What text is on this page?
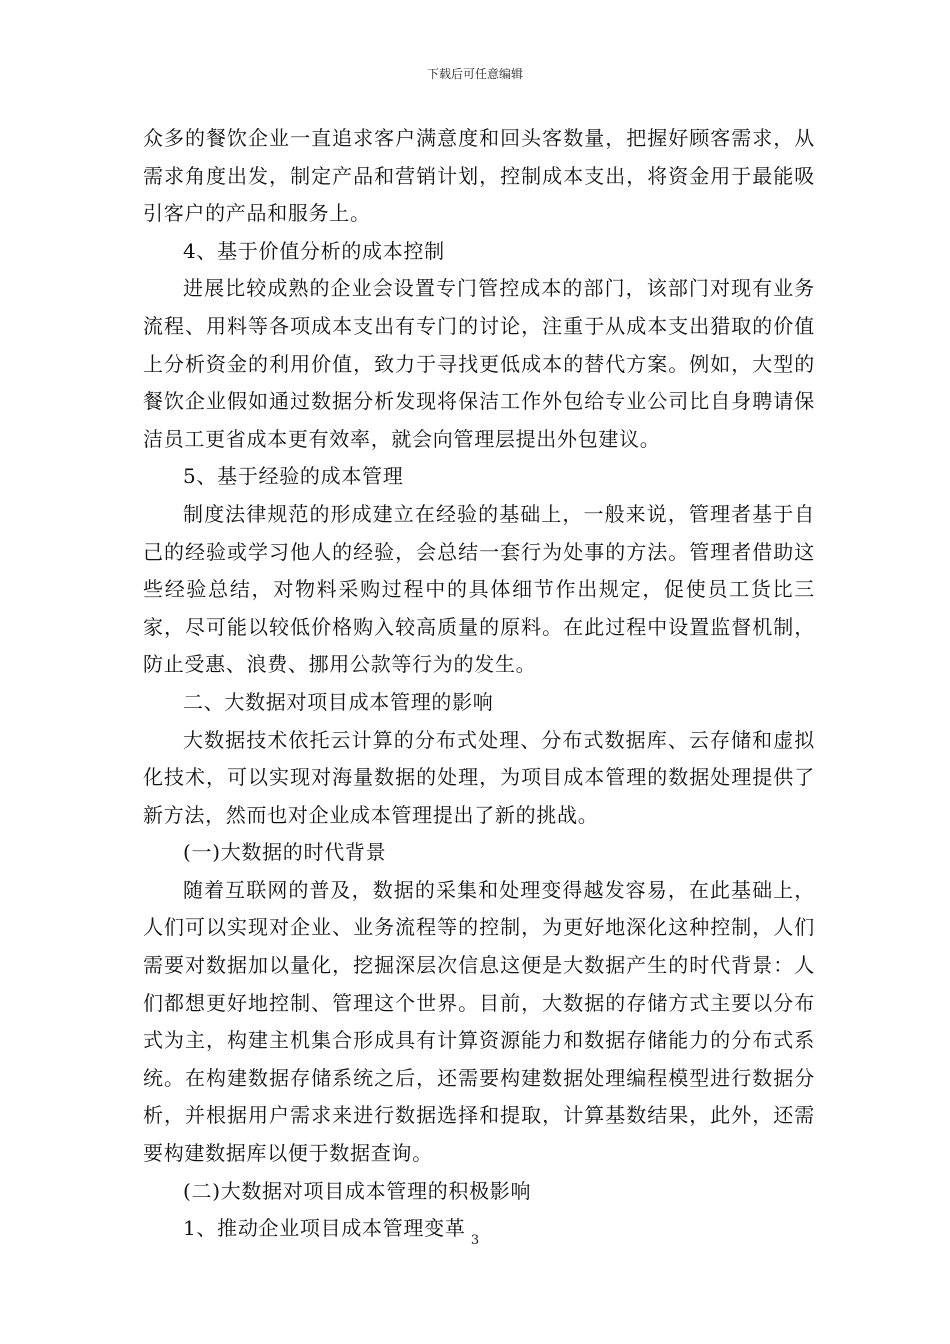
下载后可任意编辑

众多的餐饮企业一直追求客户满意度和回头客数量，把握好顾客需求，从需求角度出发，制定产品和营销计划，控制成本支出，将资金用于最能吸引客户的产品和服务上。

4、基于价值分析的成本控制

进展比较成熟的企业会设置专门管控成本的部门，该部门对现有业务流程、用料等各项成本支出有专门的讨论，注重于从成本支出猎取的价值上分析资金的利用价值，致力于寻找更低成本的替代方案。例如，大型的餐饮企业假如通过数据分析发现将保洁工作外包给专业公司比自身聘请保洁员工更省成本更有效率，就会向管理层提出外包建议。

5、基于经验的成本管理

制度法律规范的形成建立在经验的基础上，一般来说，管理者基于自己的经验或学习他人的经验，会总结一套行为处事的方法。管理者借助这些经验总结，对物料采购过程中的具体细节作出规定，促使员工货比三家，尽可能以较低价格购入较高质量的原料。在此过程中设置监督机制，防止受惠、浪费、挪用公款等行为的发生。

二、大数据对项目成本管理的影响

大数据技术依托云计算的分布式处理、分布式数据库、云存储和虚拟化技术，可以实现对海量数据的处理，为项目成本管理的数据处理提供了新方法，然而也对企业成本管理提出了新的挑战。

(一)大数据的时代背景

随着互联网的普及，数据的采集和处理变得越发容易，在此基础上，人们可以实现对企业、业务流程等的控制，为更好地深化这种控制，人们需要对数据加以量化，挖掘深层次信息这便是大数据产生的时代背景：人们都想更好地控制、管理这个世界。目前，大数据的存储方式主要以分布式为主，构建主机集合形成具有计算资源能力和数据存储能力的分布式系统。在构建数据存储系统之后，还需要构建数据处理编程模型进行数据分析，并根据用户需求来进行数据选择和提取，计算基数结果，此外，还需要构建数据库以便于数据查询。

(二)大数据对项目成本管理的积极影响

1、推动企业项目成本管理变革

3
